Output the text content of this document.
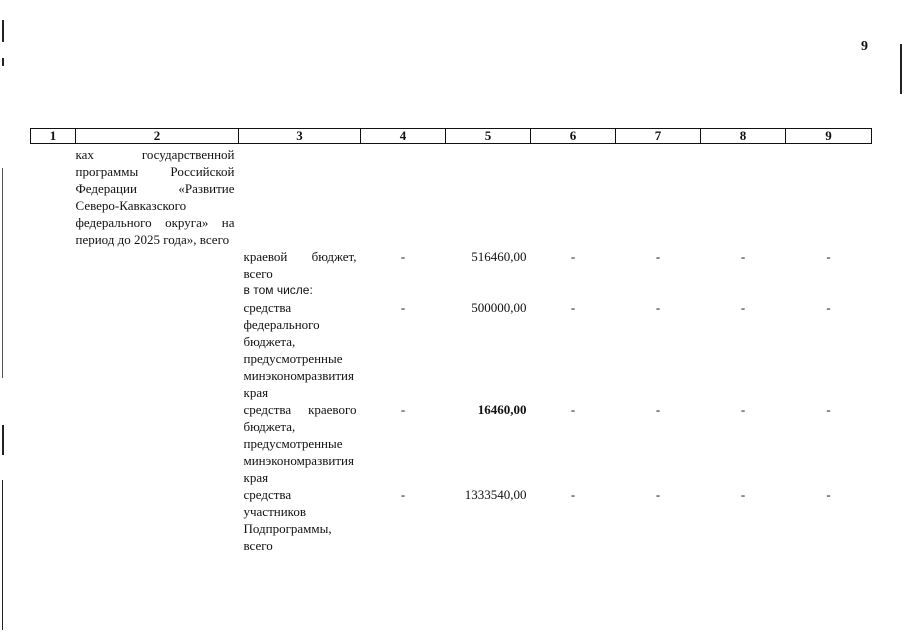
9
1	2	3	4	5	6	7	8	9
ках государственной программы Российской Федерации «Развитие Северо-Кавказского федерального округа» на период до 2025 года», всего								
		краевой бюджет, всего	-	516460,00	-	-	-	-
		в том числе:						
		средства федерального бюджета, предусмотренные минэкономразвития края	-	500000,00	-	-	-	-
		средства краевого бюджета, предусмотренные минэкономразвития края	-	16460,00	-	-	-	-
		средства участников Подпрограммы, всего	-	1333540,00	-	-	-	-
